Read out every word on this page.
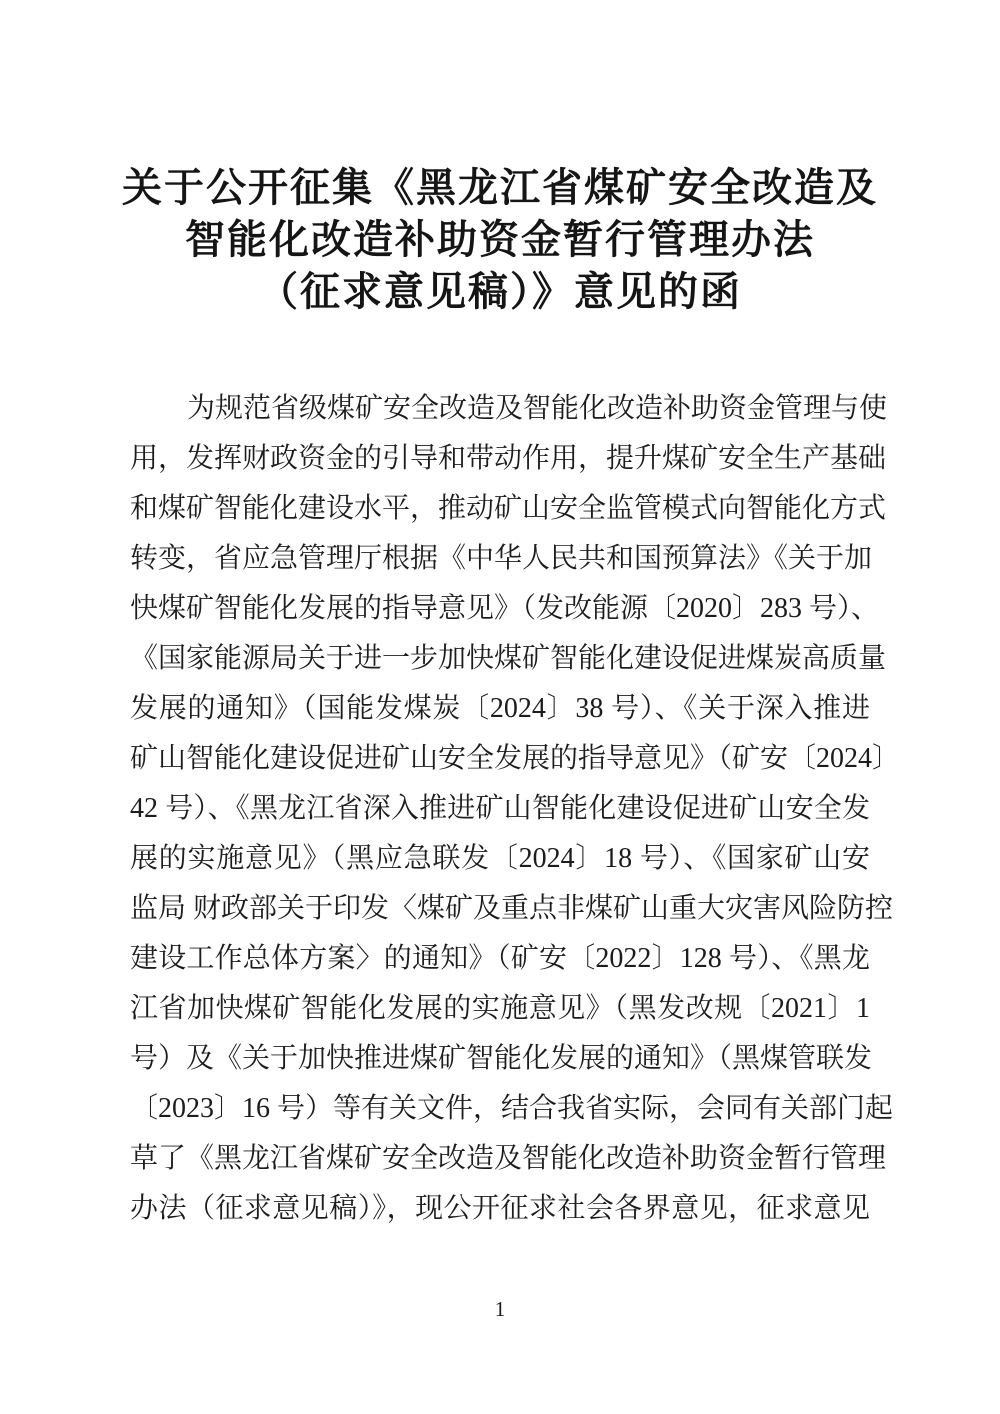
关于公开征集《黑龙江省煤矿安全改造及
智能化改造补助资金暂行管理办法
（征求意见稿）》意见的函
为规范省级煤矿安全改造及智能化改造补助资金管理与使
用，发挥财政资金的引导和带动作用，提升煤矿安全生产基础
和煤矿智能化建设水平，推动矿山安全监管模式向智能化方式
转变，省应急管理厅根据《中华人民共和国预算法》《关于加
快煤矿智能化发展的指导意见》（发改能源〔2020〕283 号）、
《国家能源局关于进一步加快煤矿智能化建设促进煤炭高质量
发展的通知》（国能发煤炭〔2024〕38 号）、《关于深入推进
矿山智能化建设促进矿山安全发展的指导意见》（矿安〔2024〕
42 号）、《黑龙江省深入推进矿山智能化建设促进矿山安全发
展的实施意见》（黑应急联发〔2024〕18 号）、《国家矿山安
监局 财政部关于印发〈煤矿及重点非煤矿山重大灾害风险防控
建设工作总体方案〉的通知》（矿安〔2022〕128 号）、《黑龙
江省加快煤矿智能化发展的实施意见》（黑发改规〔2021〕1
号）及《关于加快推进煤矿智能化发展的通知》（黑煤管联发
〔2023〕16 号）等有关文件，结合我省实际，会同有关部门起
草了《黑龙江省煤矿安全改造及智能化改造补助资金暂行管理
办法（征求意见稿）》，现公开征求社会各界意见，征求意见
1
